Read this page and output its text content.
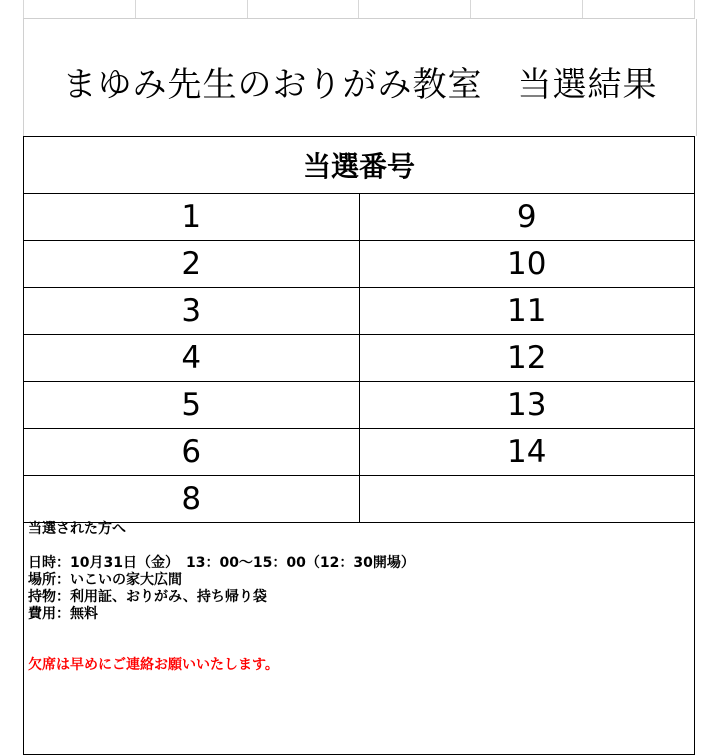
まゆみ先生のおりがみ教室　当選結果
当選番号	
1	9
2	10
3	11
4	12
5	13
6	14
8	
当選された方へ
日時：10月31日（金）　13：00～15：00（12：30開場）
場所：いこいの家大広間
持物：利用証、おりがみ、持ち帰り袋
費用：無料
欠席は早めにご連絡お願いいたします。
